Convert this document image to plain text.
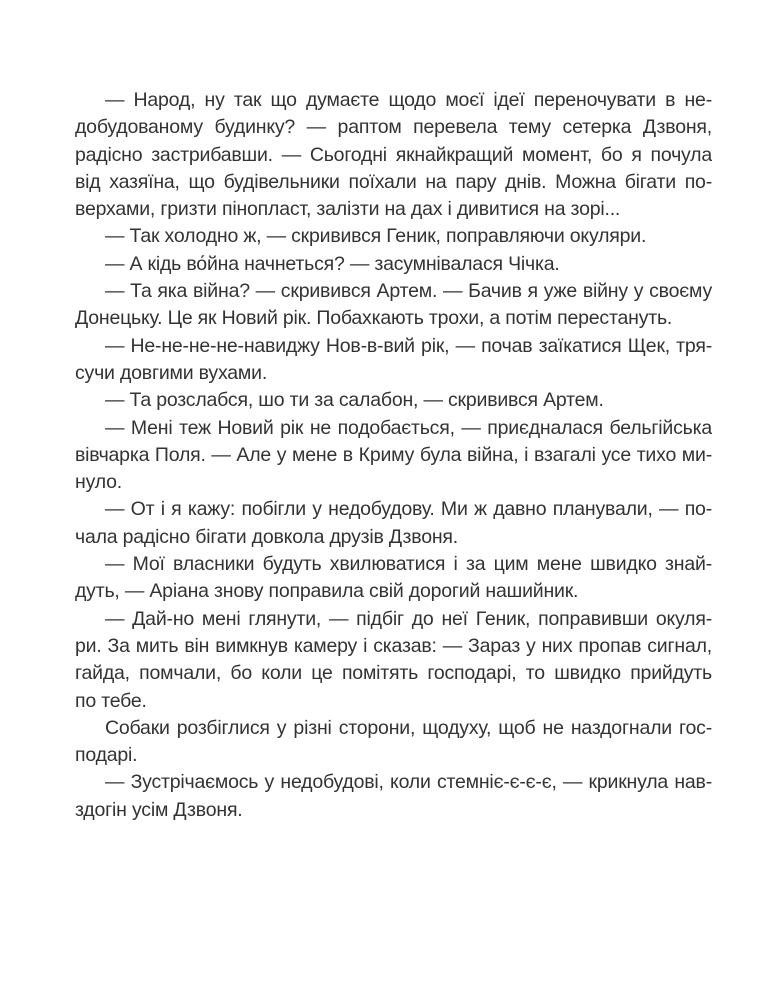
— Народ, ну так що думаєте щодо моєї ідеї переночувати в не-
добудованому будинку? — раптом перевела тему сетерка Дзвоня,
радісно застрибавши. — Сьогодні якнайкращий момент, бо я почула
від хазяїна, що будівельники поїхали на пару днів. Можна бігати по-
верхами, гризти пінопласт, залізти на дах і дивитися на зорі...
— Так холодно ж, — скривився Геник, поправляючи окуляри.
— А кідь во́йна начнеться? — засумнівалася Чічка.
— Та яка війна? — скривився Артем. — Бачив я уже війну у своєму
Донецьку. Це як Новий рік. Побахкають трохи, а потім перестануть.
— Не-не-не-не-навиджу Нов-в-вий рік, — почав заїкатися Щек, тря-
сучи довгими вухами.
— Та розслабся, шо ти за салабон, — скривився Артем.
— Мені теж Новий рік не подобається, — приєдналася бельгійська
вівчарка Поля. — Але у мене в Криму була війна, і взагалі усе тихо ми-
нуло.
— От і я кажу: побігли у недобудову. Ми ж давно планували, — по-
чала радісно бігати довкола друзів Дзвоня.
— Мої власники будуть хвилюватися і за цим мене швидко знай-
дуть, — Аріана знову поправила свій дорогий нашийник.
— Дай-но мені глянути, — підбіг до неї Геник, поправивши окуля-
ри. За мить він вимкнув камеру і сказав: — Зараз у них пропав сигнал,
гайда, помчали, бо коли це помітять господарі, то швидко прийдуть
по тебе.
Собаки розбіглися у різні сторони, щодуху, щоб не наздогнали гос-
подарі.
— Зустрічаємось у недобудові, коли стемніє-є-є-є, — крикнула нав-
здогін усім Дзвоня.
